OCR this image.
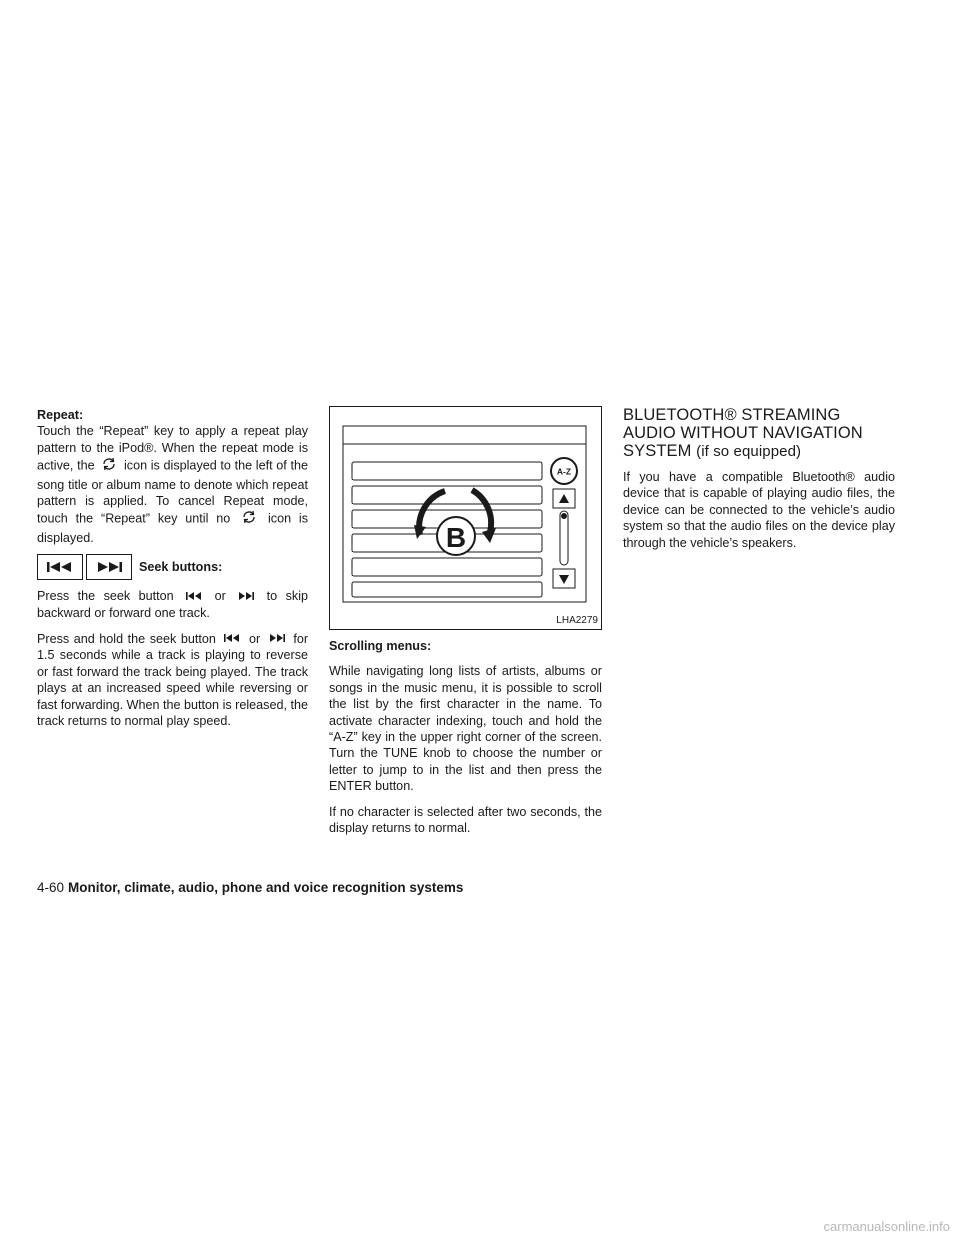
Repeat:

Touch the “Repeat” key to apply a repeat play pattern to the iPod®. When the repeat mode is active, the icon is displayed to the left of the song title or album name to denote which repeat pattern is applied. To cancel Repeat mode, touch the “Repeat” key until no	icon is displayed.

Seek buttons:

Press the seek button	or	to skip backward or forward one track.

Press and hold the seek button	or	for 1.5 seconds while a track is playing to reverse or fast forward the track being played. The track plays at an increased speed while reversing or fast forwarding. When the button is released, the track returns to normal play speed.

A-Z
B
LHA2279

Scrolling menus:

While navigating long lists of artists, albums or songs in the music menu, it is possible to scroll the list by the first character in the name. To activate character indexing, touch and hold the “A-Z” key in the upper right corner of the screen. Turn the TUNE knob to choose the number or letter to jump to in the list and then press the ENTER button.

If no character is selected after two seconds, the display returns to normal.

BLUETOOTH® STREAMING AUDIO WITHOUT NAVIGATION SYSTEM (if so equipped)

If you have a compatible Bluetooth® audio device that is capable of playing audio files, the device can be connected to the vehicle’s audio system so that the audio files on the device play through the vehicle’s speakers.

4-60 Monitor, climate, audio, phone and voice recognition systems
carmanualsonline.info
